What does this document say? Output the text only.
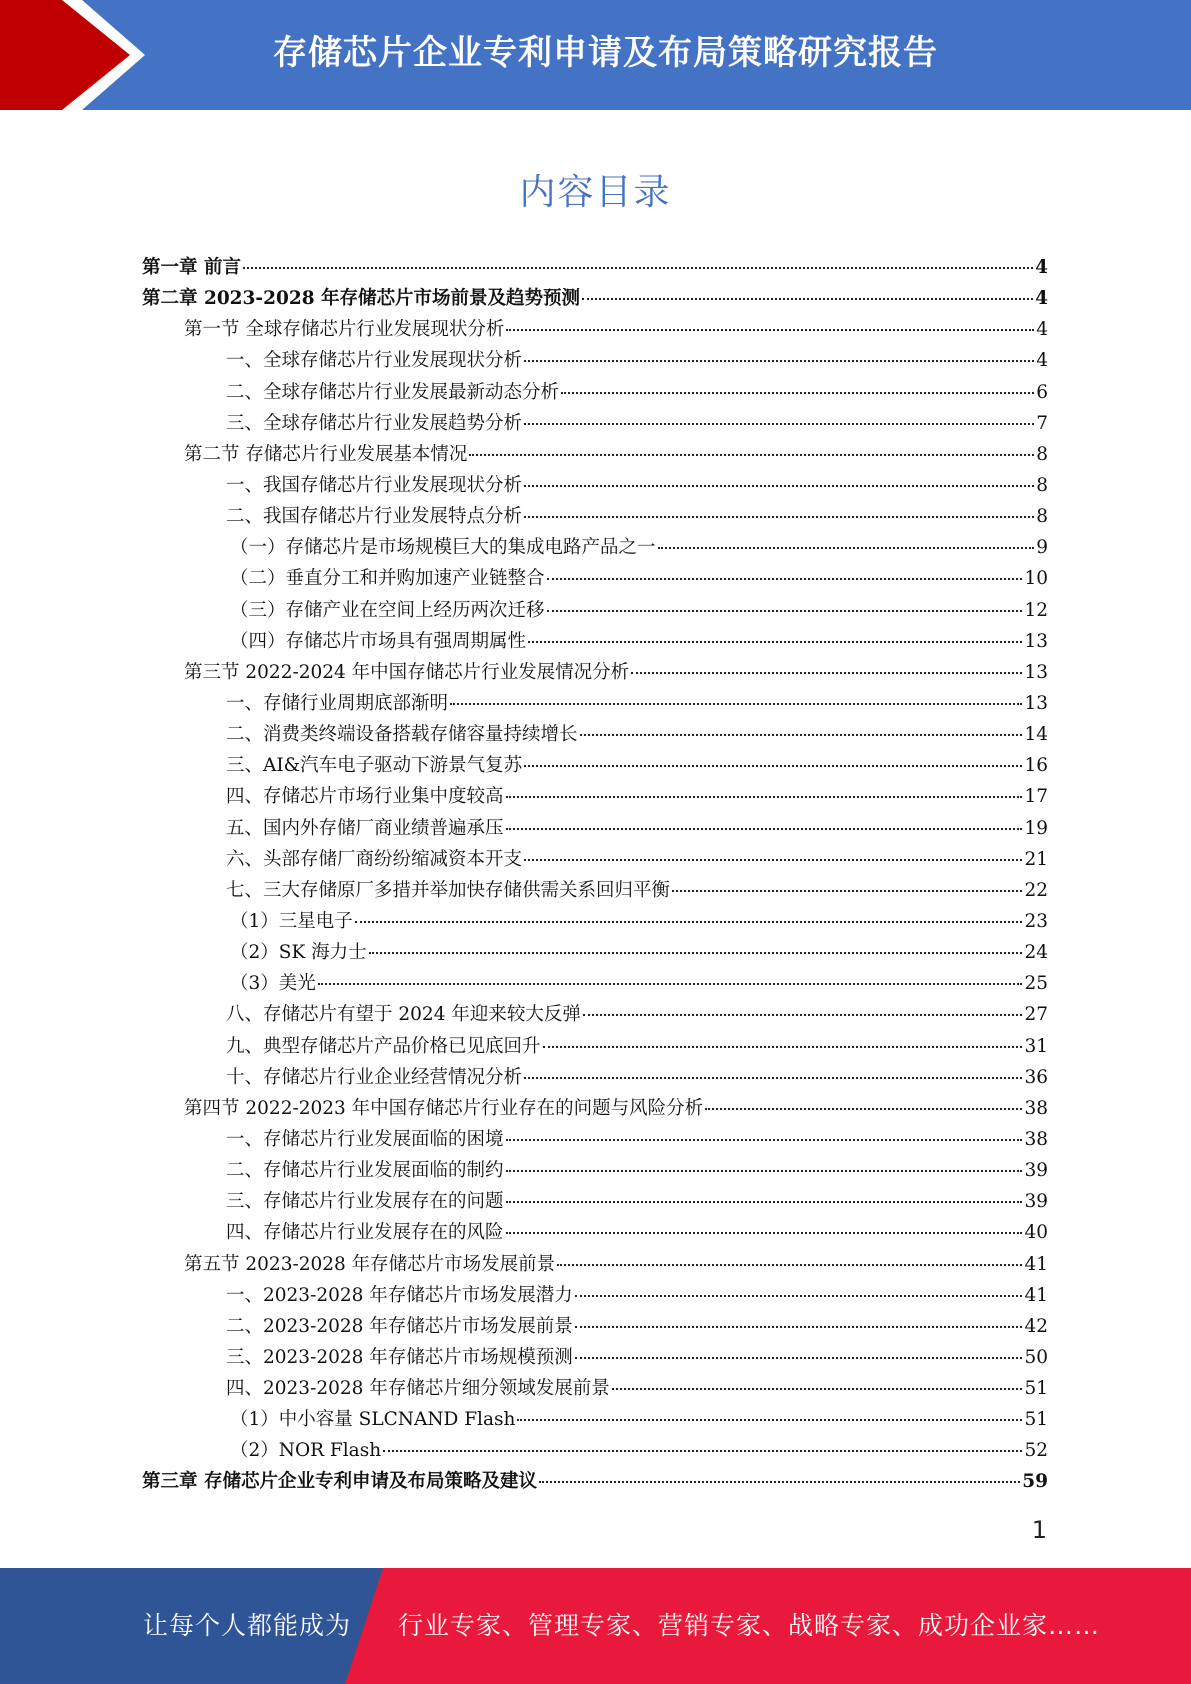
存储芯片企业专利申请及布局策略研究报告
内容目录
第一章 前言	4
第二章 2023-2028 年存储芯片市场前景及趋势预测	4
第一节 全球存储芯片行业发展现状分析	4
一、全球存储芯片行业发展现状分析	4
二、全球存储芯片行业发展最新动态分析	6
三、全球存储芯片行业发展趋势分析	7
第二节 存储芯片行业发展基本情况	8
一、我国存储芯片行业发展现状分析	8
二、我国存储芯片行业发展特点分析	8
（一）存储芯片是市场规模巨大的集成电路产品之一	9
（二）垂直分工和并购加速产业链整合	10
（三）存储产业在空间上经历两次迁移	12
（四）存储芯片市场具有强周期属性	13
第三节 2022-2024 年中国存储芯片行业发展情况分析	13
一、存储行业周期底部渐明	13
二、消费类终端设备搭载存储容量持续增长	14
三、AI&汽车电子驱动下游景气复苏	16
四、存储芯片市场行业集中度较高	17
五、国内外存储厂商业绩普遍承压	19
六、头部存储厂商纷纷缩减资本开支	21
七、三大存储原厂多措并举加快存储供需关系回归平衡	22
（1）三星电子	23
（2）SK 海力士	24
（3）美光	25
八、存储芯片有望于 2024 年迎来较大反弹	27
九、典型存储芯片产品价格已见底回升	31
十、存储芯片行业企业经营情况分析	36
第四节 2022-2023 年中国存储芯片行业存在的问题与风险分析	38
一、存储芯片行业发展面临的困境	38
二、存储芯片行业发展面临的制约	39
三、存储芯片行业发展存在的问题	39
四、存储芯片行业发展存在的风险	40
第五节 2023-2028 年存储芯片市场发展前景	41
一、2023-2028 年存储芯片市场发展潜力	41
二、2023-2028 年存储芯片市场发展前景	42
三、2023-2028 年存储芯片市场规模预测	50
四、2023-2028 年存储芯片细分领域发展前景	51
（1）中小容量 SLCNAND Flash	51
（2）NOR Flash	52
第三章 存储芯片企业专利申请及布局策略及建议	59
1
让每个人都能成为 行业专家、管理专家、营销专家、战略专家、成功企业家……
